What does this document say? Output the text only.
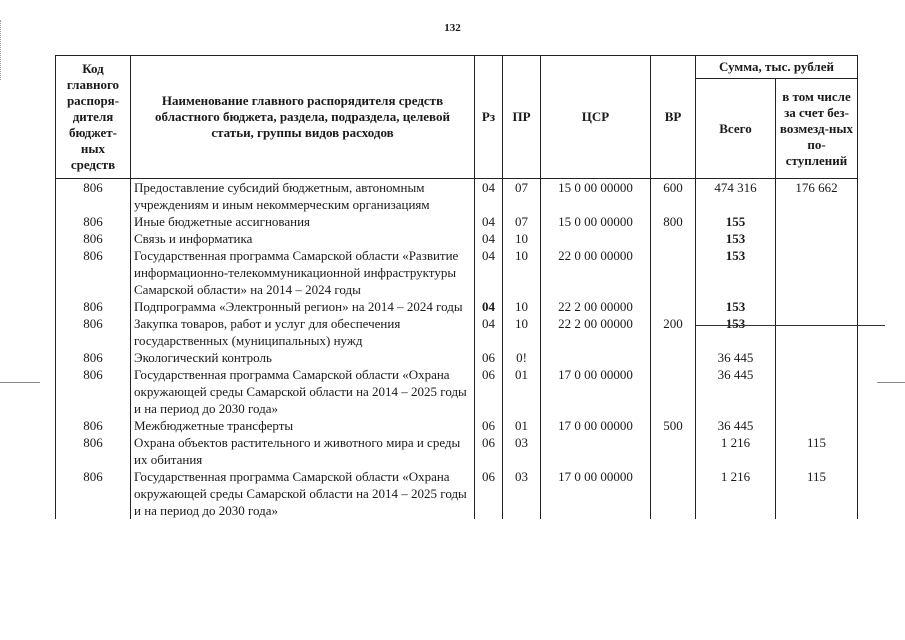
132
Код главного распоря-дителя бюджет-ных средств	Наименование главного распорядителя средств областного бюджета, раздела, подраздела, целевой статьи, группы видов расходов	Рз	ПР	ЦСР	ВР	Сумма, тыс. рублей	
						Всего	в том числе за счет без-возмезд-ных по-ступлений
806	Предоставление субсидий бюджетным, автономным учреждениям и иным некоммерческим организациям	04	07	15 0 00 00000	600	474 316	176 662
806	Иные бюджетные ассигнования	04	07	15 0 00 00000	800	155	
806	Связь и информатика	04	10			153	
806	Государственная программа Самарской области «Развитие информационно-телекоммуникационной инфраструктуры Самарской области» на 2014 – 2024 годы	04	10	22 0 00 00000		153	
806	Подпрограмма «Электронный регион» на 2014 – 2024 годы	04	10	22 2 00 00000		153	
806	Закупка товаров, работ и услуг для обеспечения государственных (муниципальных) нужд	04	10	22 2 00 00000	200	153	
806	Экологический контроль	06	0!			36 445	
806	Государственная программа Самарской области «Охрана окружающей среды Самарской области на 2014 – 2025 годы и на период до 2030 года»	06	01	17 0 00 00000		36 445	
806	Межбюджетные трансферты	06	01	17 0 00 00000	500	36 445	
806	Охрана объектов растительного и животного мира и среды их обитания	06	03			1 216	115
806	Государственная программа Самарской области «Охрана окружающей среды Самарской области на 2014 – 2025 годы и на период до 2030 года»	06	03	17 0 00 00000		1 216	115
